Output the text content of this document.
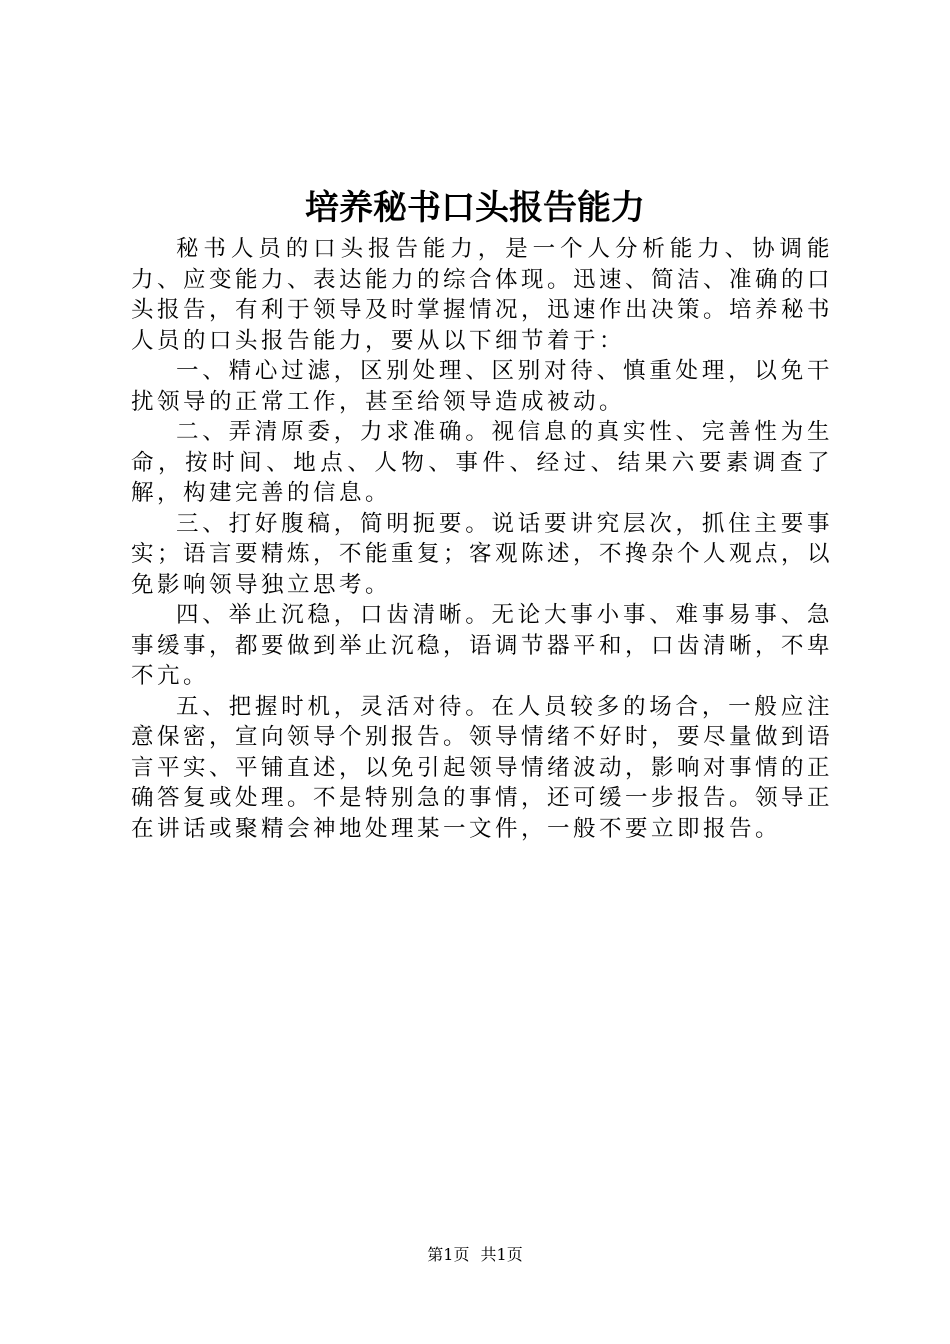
培养秘书口头报告能力

秘书人员的口头报告能力，是一个人分析能力、协调能力、应变能力、表达能力的综合体现。迅速、简洁、准确的口头报告，有利于领导及时掌握情况，迅速作出决策。培养秘书人员的口头报告能力，要从以下细节着于：

一、精心过滤，区别处理、区别对待、慎重处理，以免干扰领导的正常工作，甚至给领导造成被动。

二、弄清原委，力求准确。视信息的真实性、完善性为生命，按时间、地点、人物、事件、经过、结果六要素调查了解，构建完善的信息。

三、打好腹稿，简明扼要。说话要讲究层次，抓住主要事实；语言要精炼，不能重复；客观陈述，不搀杂个人观点，以免影响领导独立思考。

四、举止沉稳，口齿清晰。无论大事小事、难事易事、急事缓事，都要做到举止沉稳，语调节器平和，口齿清晰，不卑不亢。

五、把握时机，灵活对待。在人员较多的场合，一般应注意保密，宣向领导个别报告。领导情绪不好时，要尽量做到语言平实、平铺直述，以免引起领导情绪波动，影响对事情的正确答复或处理。不是特别急的事情，还可缓一步报告。领导正在讲话或聚精会神地处理某一文件，一般不要立即报告。

第1页 共1页
